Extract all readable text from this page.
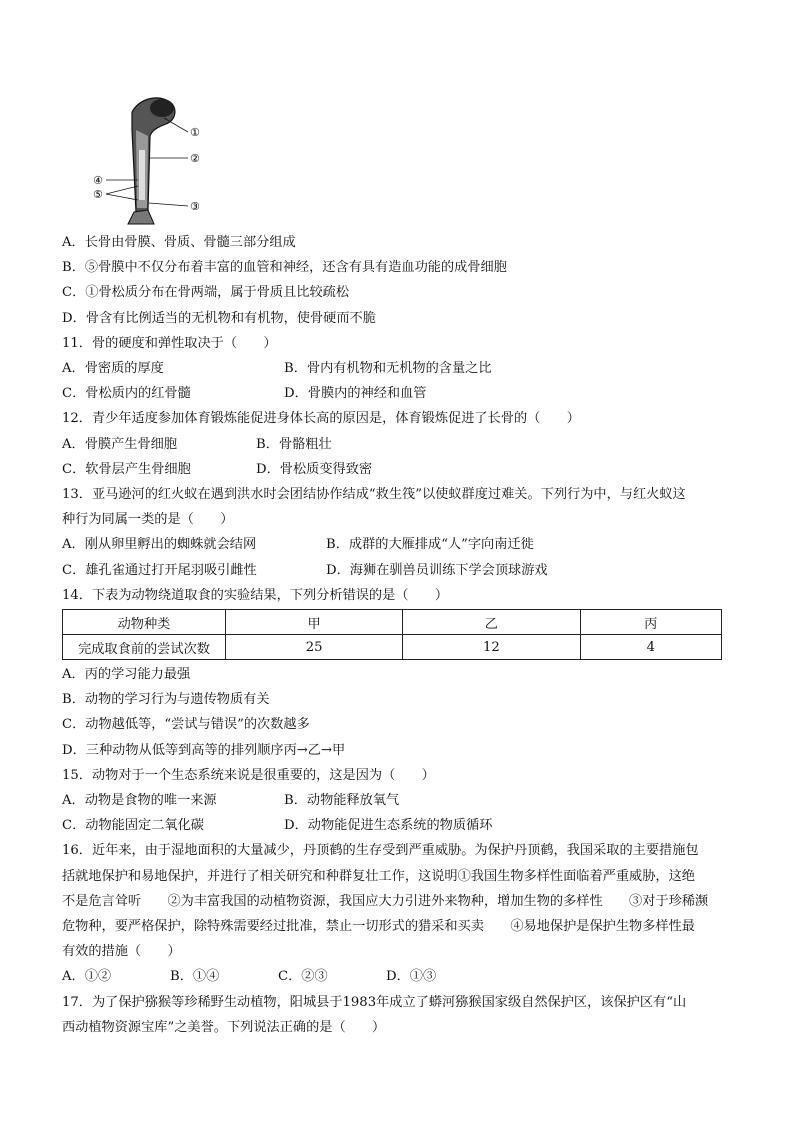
①
②
③
④
⑤
A．长骨由骨膜、骨质、骨髓三部分组成
B．⑤骨膜中不仅分布着丰富的血管和神经，还含有具有造血功能的成骨细胞
C．①骨松质分布在骨两端，属于骨质且比较疏松
D．骨含有比例适当的无机物和有机物，使骨硬而不脆
11．骨的硬度和弹性取决于（　　）
A．骨密质的厚度	B．骨内有机物和无机物的含量之比
C．骨松质内的红骨髓	D．骨膜内的神经和血管
12．青少年适度参加体育锻炼能促进身体长高的原因是，体育锻炼促进了长骨的（　　）
A．骨膜产生骨细胞	B．骨骼粗壮
C．软骨层产生骨细胞	D．骨松质变得致密
13．亚马逊河的红火蚁在遇到洪水时会团结协作结成“救生筏”以使蚁群度过难关。下列行为中，与红火蚁这
种行为同属一类的是（　　）
A．刚从卵里孵出的蜘蛛就会结网	B．成群的大雁排成“人”字向南迁徙
C．雄孔雀通过打开尾羽吸引雌性	D．海狮在驯兽员训练下学会顶球游戏
14．下表为动物绕道取食的实验结果，下列分析错误的是（　　）
动物种类	甲	乙	丙
完成取食前的尝试次数	25	12	4
A．丙的学习能力最强
B．动物的学习行为与遗传物质有关
C．动物越低等，“尝试与错误”的次数越多
D．三种动物从低等到高等的排列顺序丙→乙→甲
15．动物对于一个生态系统来说是很重要的，这是因为（　　）
A．动物是食物的唯一来源	B．动物能释放氧气
C．动物能固定二氧化碳	D．动物能促进生态系统的物质循环
16．近年来，由于湿地面积的大量减少，丹顶鹤的生存受到严重威胁。为保护丹顶鹤，我国采取的主要措施包
括就地保护和易地保护，并进行了相关研究和种群复壮工作，这说明①我国生物多样性面临着严重威胁，这绝
不是危言耸听　　②为丰富我国的动植物资源，我国应大力引进外来物种，增加生物的多样性　　③对于珍稀濒
危物种，要严格保护，除特殊需要经过批准，禁止一切形式的猎采和买卖　　④易地保护是保护生物多样性最
有效的措施（　　）
A．①②	B．①④	C．②③	D．①③
17．为了保护猕猴等珍稀野生动植物，阳城县于1983年成立了蟒河猕猴国家级自然保护区，该保护区有“山
西动植物资源宝库”之美誉。下列说法正确的是（　　）
